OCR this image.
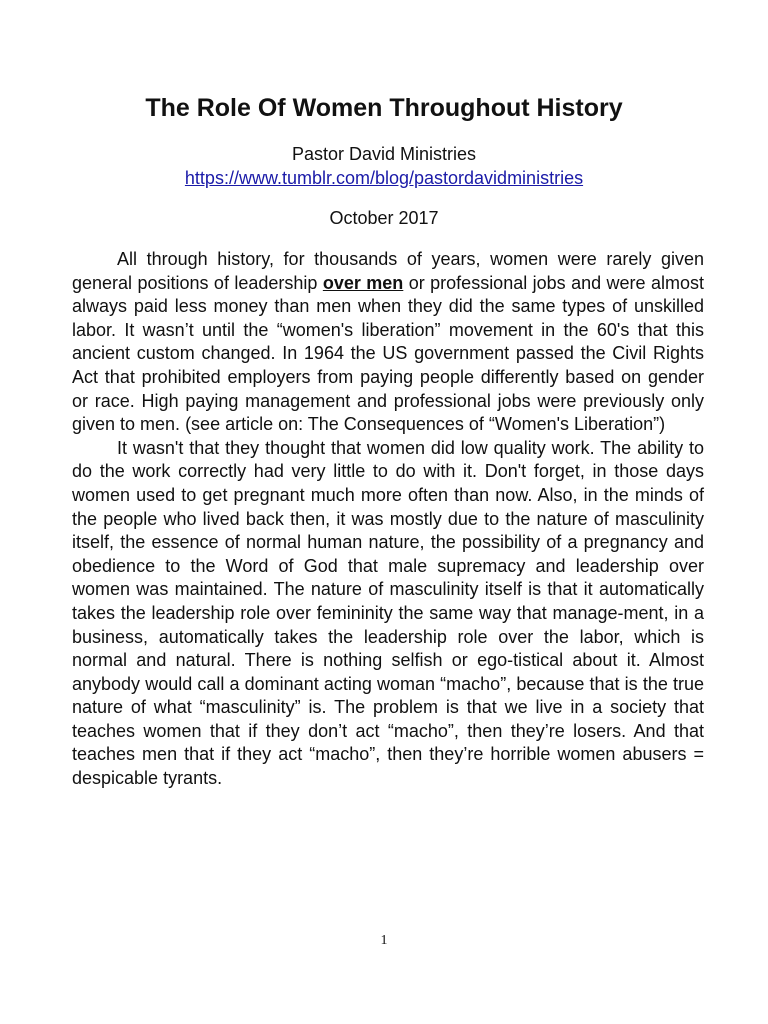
The Role Of Women Throughout History
Pastor David Ministries
https://www.tumblr.com/blog/pastordavidministries
October 2017

All through history, for thousands of years, women were rarely given general positions of leadership over men or professional jobs and were almost always paid less money than men when they did the same types of unskilled labor. It wasn’t until the “women's liberation” movement in the 60's that this ancient custom changed. In 1964 the US government passed the Civil Rights Act that prohibited employers from paying people differently based on gender or race. High paying management and professional jobs were previously only given to men. (see article on: The Consequences of “Women's Liberation”)

It wasn't that they thought that women did low quality work. The ability to do the work correctly had very little to do with it. Don't forget, in those days women used to get pregnant much more often than now. Also, in the minds of the people who lived back then, it was mostly due to the nature of masculinity itself, the essence of normal human nature, the possibility of a pregnancy and obedience to the Word of God that male supremacy and leadership over women was maintained. The nature of masculinity itself is that it automatically takes the leadership role over femininity the same way that manage-ment, in a business, automatically takes the leadership role over the labor, which is normal and natural. There is nothing selfish or ego-tistical about it. Almost anybody would call a dominant acting woman “macho”, because that is the true nature of what “masculinity” is. The problem is that we live in a society that teaches women that if they don’t act “macho”, then they’re losers. And that teaches men that if they act “macho”, then they’re horrible women abusers = despicable tyrants.

1
